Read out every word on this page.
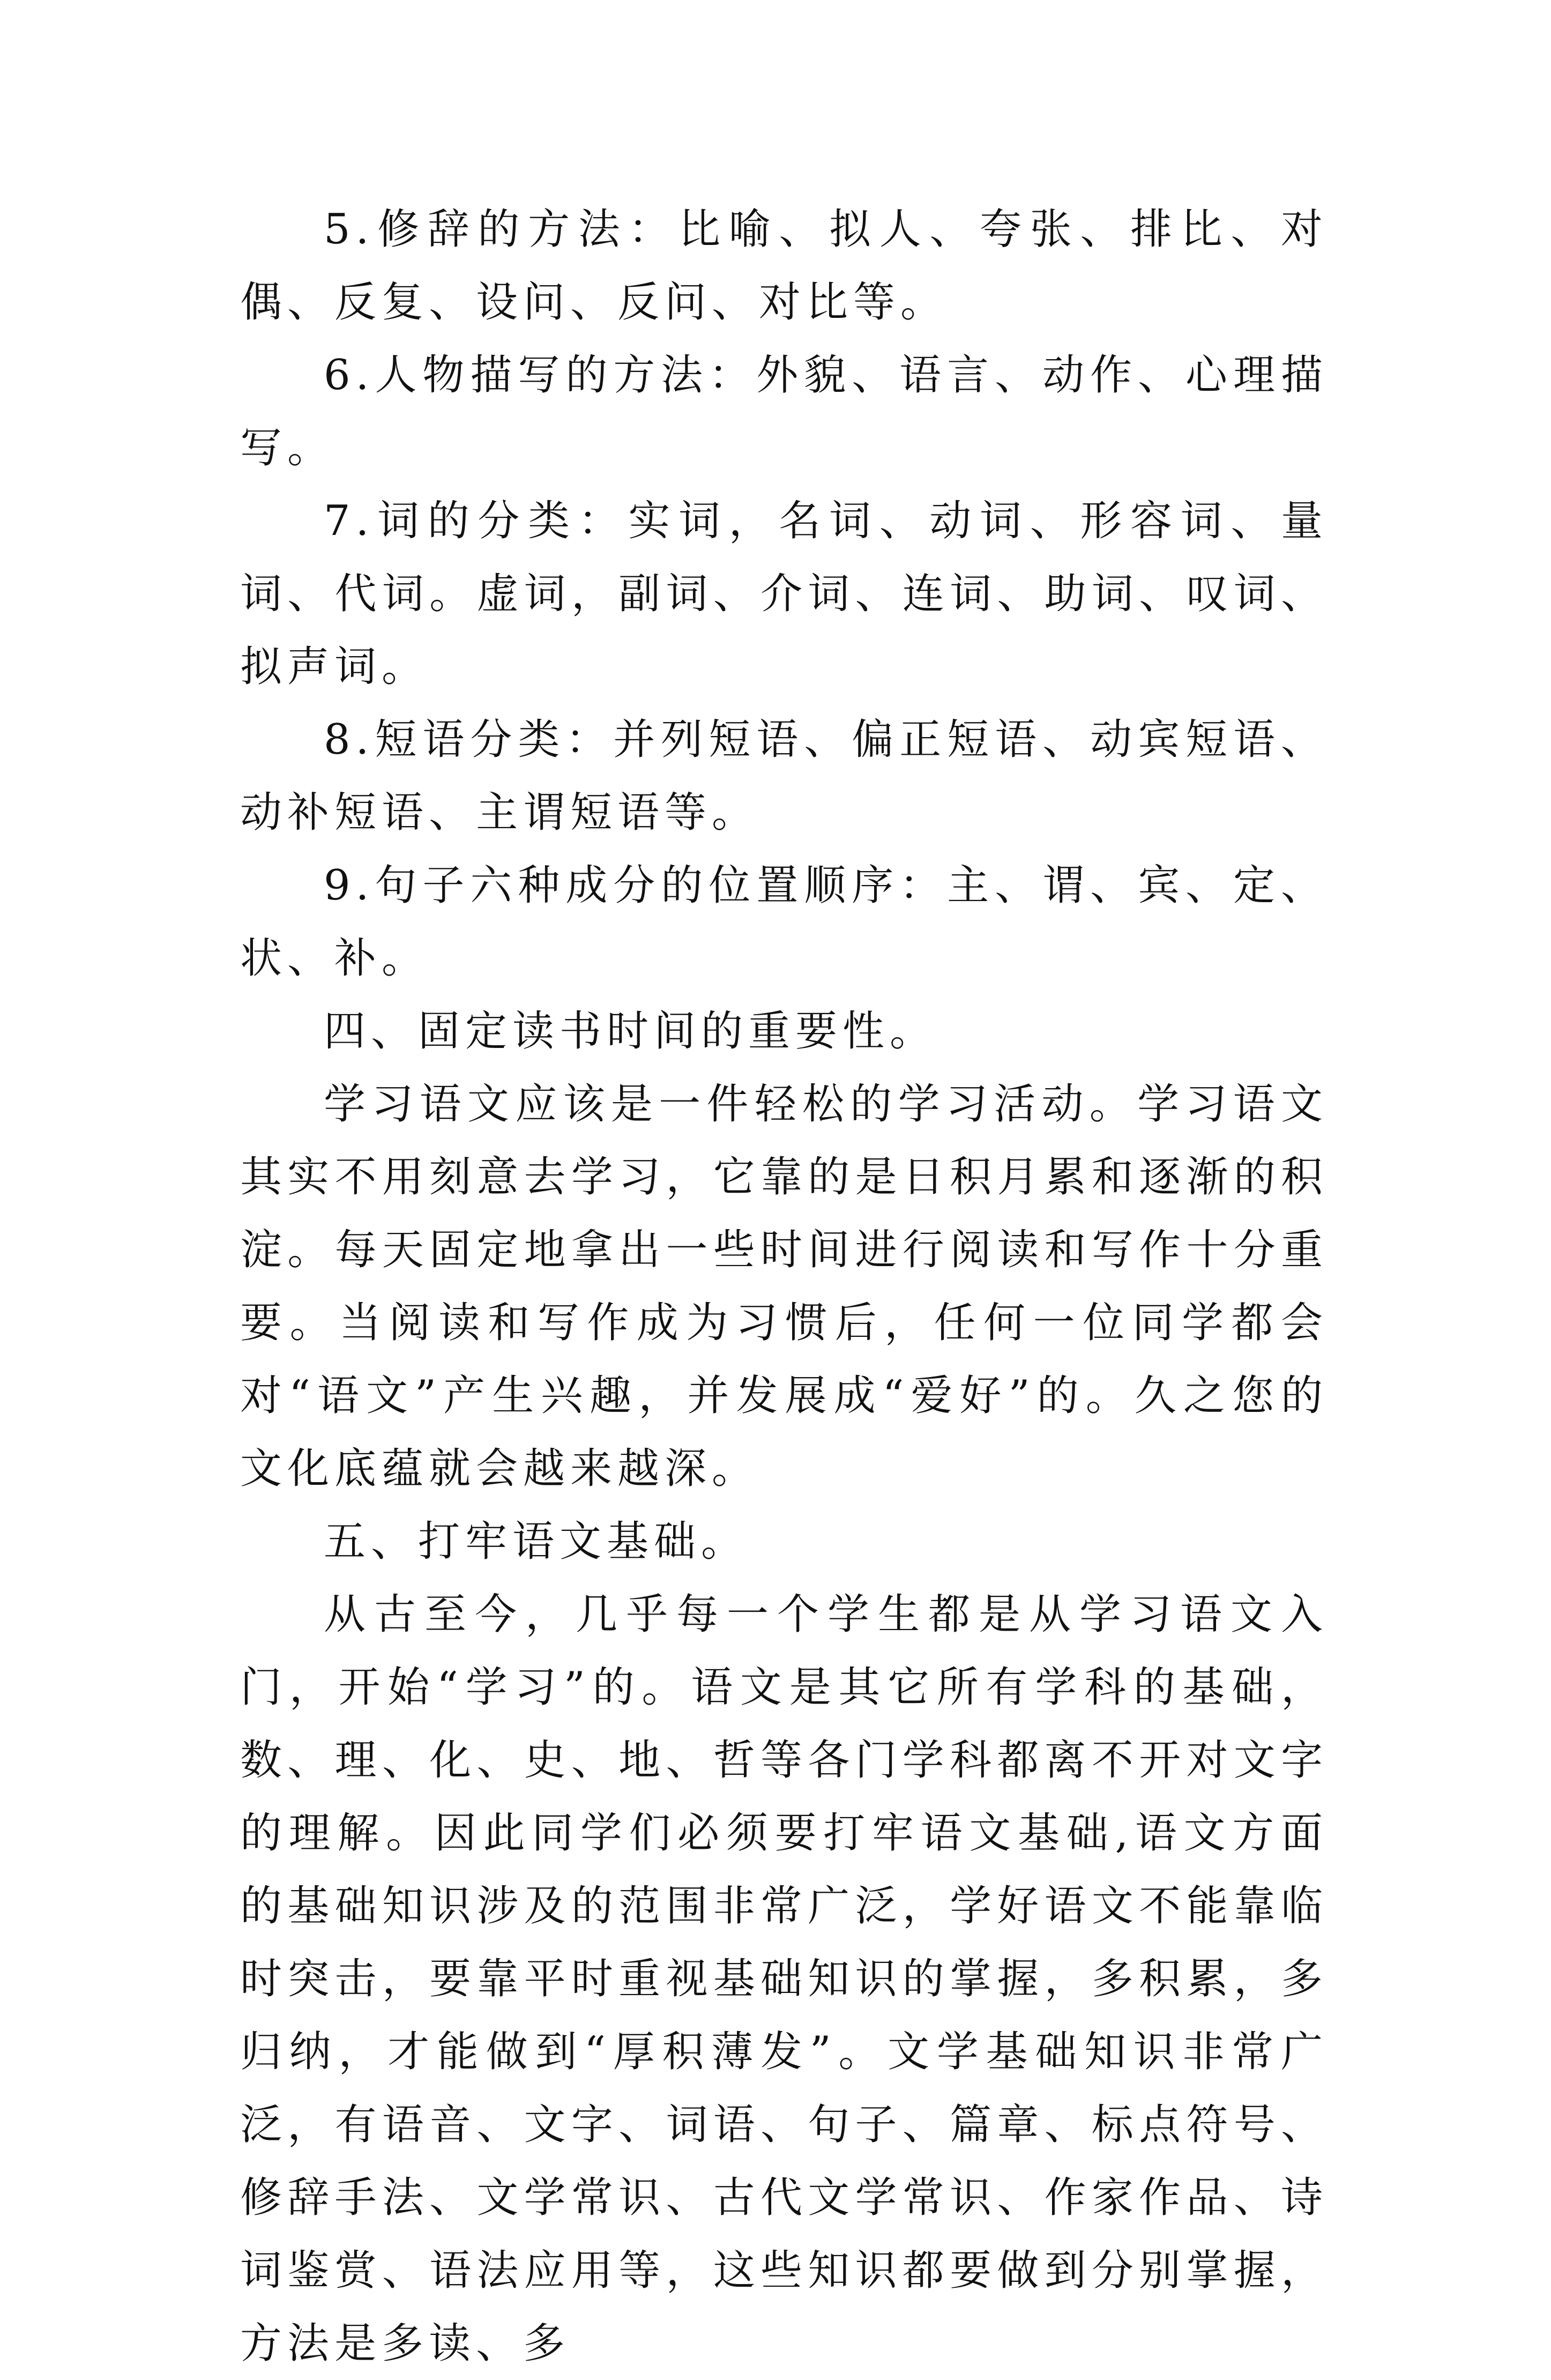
5.修辞的方法：比喻、拟人、夸张、排比、对偶、反复、设问、反问、对比等。

6.人物描写的方法：外貌、语言、动作、心理描写。

7.词的分类：实词，名词、动词、形容词、量词、代词。虚词，副词、介词、连词、助词、叹词、拟声词。

8.短语分类：并列短语、偏正短语、动宾短语、动补短语、主谓短语等。

9.句子六种成分的位置顺序：主、谓、宾、定、状、补。

四、固定读书时间的重要性。

学习语文应该是一件轻松的学习活动。学习语文其实不用刻意去学习，它靠的是日积月累和逐渐的积淀。每天固定地拿出一些时间进行阅读和写作十分重要。当阅读和写作成为习惯后，任何一位同学都会对“语文”产生兴趣，并发展成“爱好”的。久之您的文化底蕴就会越来越深。

五、打牢语文基础。

从古至今，几乎每一个学生都是从学习语文入门，开始“学习”的。语文是其它所有学科的基础，数、理、化、史、地、哲等各门学科都离不开对文字的理解。因此同学们必须要打牢语文基础,语文方面的基础知识涉及的范围非常广泛，学好语文不能靠临时突击，要靠平时重视基础知识的掌握，多积累，多归纳，才能做到“厚积薄发”。文学基础知识非常广泛，有语音、文字、词语、句子、篇章、标点符号、修辞手法、文学常识、古代文学常识、作家作品、诗词鉴赏、语法应用等，这些知识都要做到分别掌握，方法是多读、多
